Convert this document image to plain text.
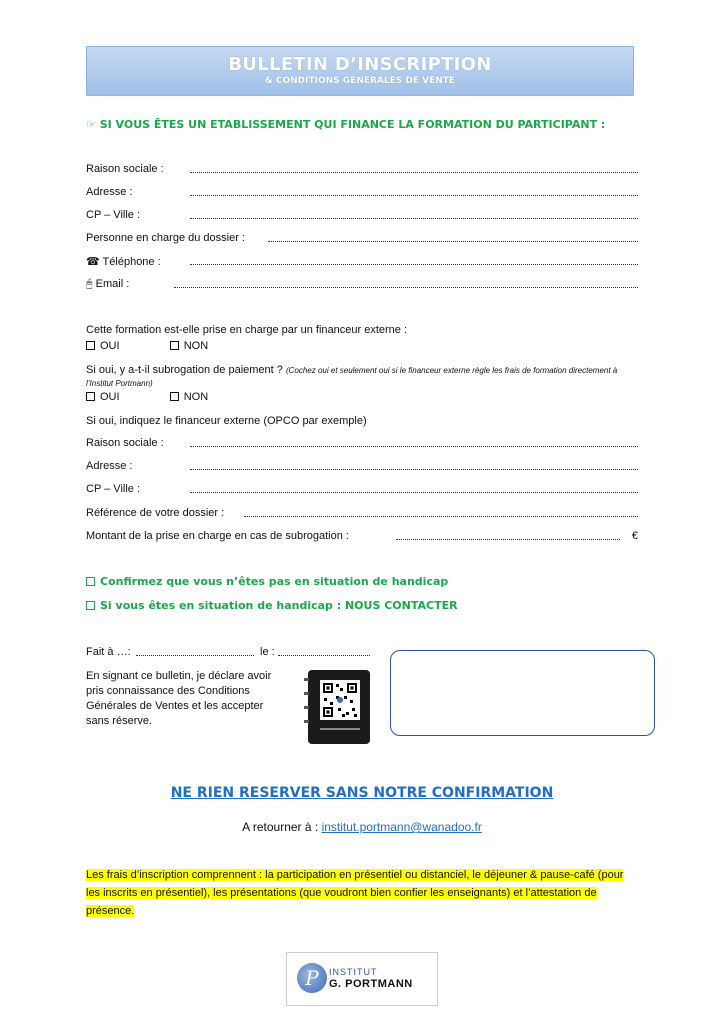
BULLETIN D’INSCRIPTION
& CONDITIONS GENERALES DE VENTE
☞ SI VOUS ÊTES UN ETABLISSEMENT QUI FINANCE LA FORMATION DU PARTICIPANT :
Raison sociale :
Adresse :
CP – Ville :
Personne en charge du dossier :
☎ Téléphone :
🖰 Email :
Cette formation est-elle prise en charge par un financeur externe :
OUI	NON
Si oui, y a-t-il subrogation de paiement ? (Cochez oui et seulement oui si le financeur externe règle les frais de formation directement à l’Institut Portmann)
OUI	NON
Si oui, indiquez le financeur externe (OPCO par exemple)
Raison sociale :
Adresse :
CP – Ville :
Référence de votre dossier :
Montant de la prise en charge en cas de subrogation :	€
Confirmez que vous n’êtes pas en situation de handicap
Si vous êtes en situation de handicap : NOUS CONTACTER
Fait à …:	le :
En signant ce bulletin, je déclare avoir
pris connaissance des Conditions
Générales de Ventes et les accepter
sans réserve.
NE RIEN RESERVER SANS NOTRE CONFIRMATION
A retourner à : institut.portmann@wanadoo.fr
Les frais d’inscription comprennent : la participation en présentiel ou distanciel, le déjeuner & pause-café (pour les inscrits en présentiel), les présentations (que voudront bien confier les enseignants) et l’attestation de présence.
P	INSTITUT
G. PORTMANN
